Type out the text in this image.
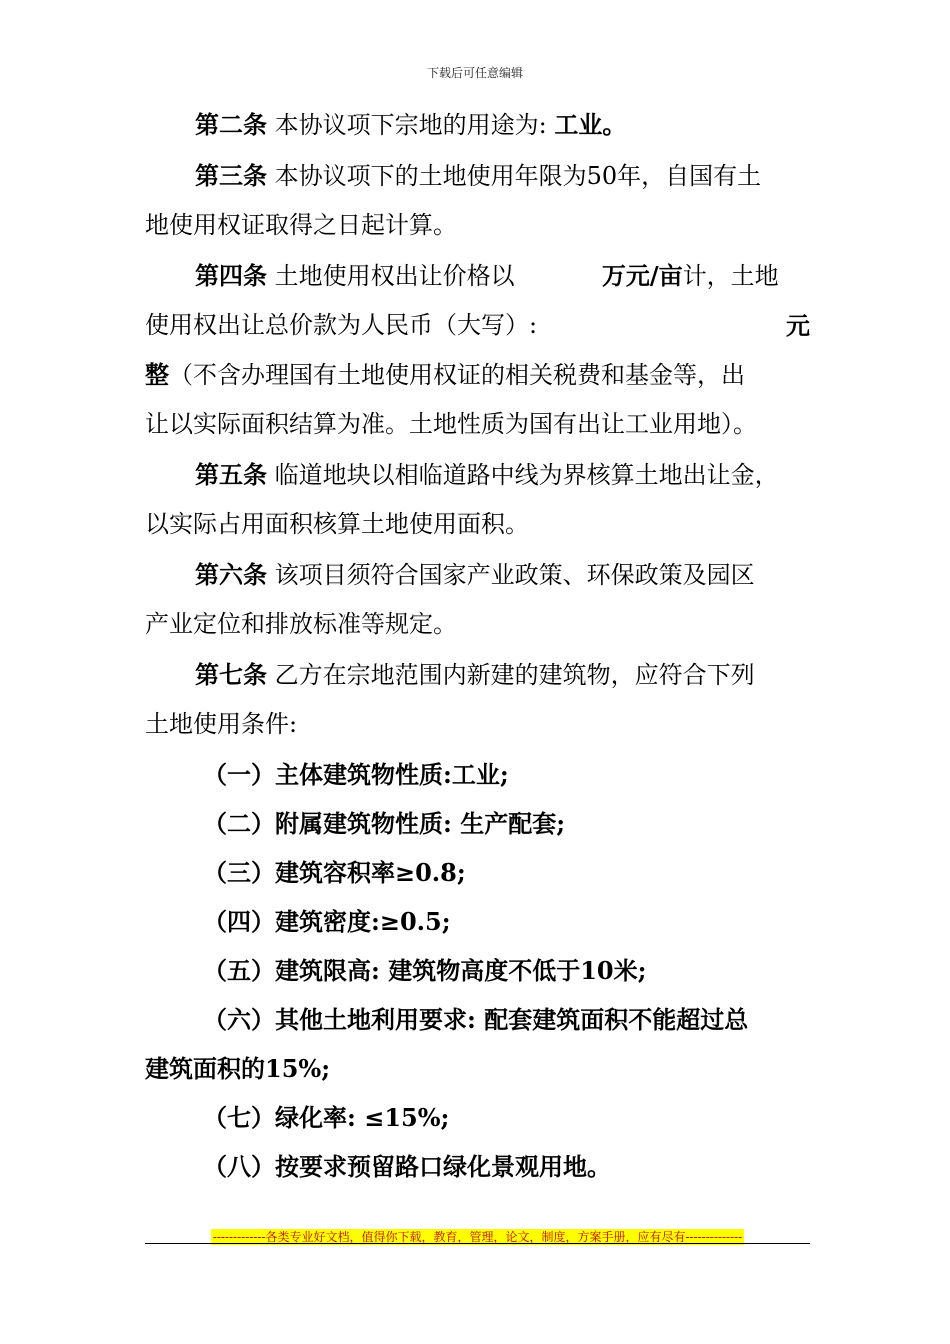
下载后可任意编辑

第二条 本协议项下宗地的用途为: 工业。

第三条 本协议项下的土地使用年限为50年，自国有土
地使用权证取得之日起计算。

第四条 土地使用权出让价格以	万元/亩计，土地
使用权出让总价款为人民币（大写）:	元
整（不含办理国有土地使用权证的相关税费和基金等，出
让以实际面积结算为准。土地性质为国有出让工业用地）。
第五条 临道地块以相临道路中线为界核算土地出让金，
以实际占用面积核算土地使用面积。
第六条 该项目须符合国家产业政策、环保政策及园区
产业定位和排放标准等规定。
第七条 乙方在宗地范围内新建的建筑物，应符合下列
土地使用条件:
（一）主体建筑物性质:工业;
（二）附属建筑物性质: 生产配套;
（三）建筑容积率≥0.8;
（四）建筑密度:≥0.5;
（五）建筑限高: 建筑物高度不低于10米;
（六）其他土地利用要求: 配套建筑面积不能超过总
建筑面积的15%;
（七）绿化率: ≤15%;
（八）按要求预留路口绿化景观用地。
-------------各类专业好文档，值得你下载，教育，管理，论文，制度，方案手册，应有尽有--------------
